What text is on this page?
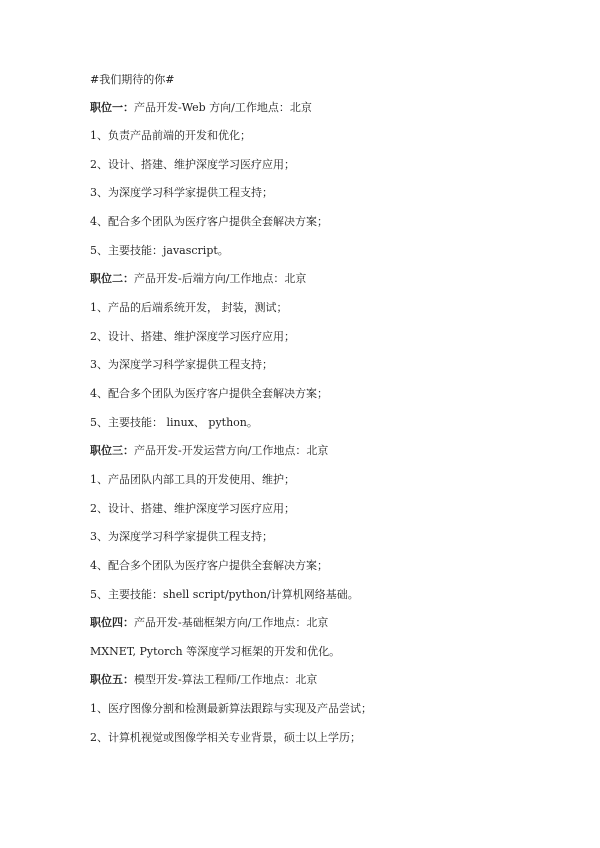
#我们期待的你#
职位一：产品开发-Web 方向/工作地点：北京
1、负责产品前端的开发和优化；
2、设计、搭建、维护深度学习医疗应用；
3、为深度学习科学家提供工程支持；
4、配合多个团队为医疗客户提供全套解决方案；
5、主要技能：javascript。
职位二：产品开发-后端方向/工作地点：北京
1、产品的后端系统开发， 封装，测试；
2、设计、搭建、维护深度学习医疗应用；
3、为深度学习科学家提供工程支持；
4、配合多个团队为医疗客户提供全套解决方案；
5、主要技能： linux、 python。
职位三：产品开发-开发运营方向/工作地点：北京
1、产品团队内部工具的开发使用、维护；
2、设计、搭建、维护深度学习医疗应用；
3、为深度学习科学家提供工程支持；
4、配合多个团队为医疗客户提供全套解决方案；
5、主要技能：shell script/python/计算机网络基础。
职位四：产品开发-基础框架方向/工作地点：北京
MXNET, Pytorch 等深度学习框架的开发和优化。
职位五：模型开发-算法工程师/工作地点：北京
1、医疗图像分割和检测最新算法跟踪与实现及产品尝试；
2、计算机视觉或图像学相关专业背景，硕士以上学历；
